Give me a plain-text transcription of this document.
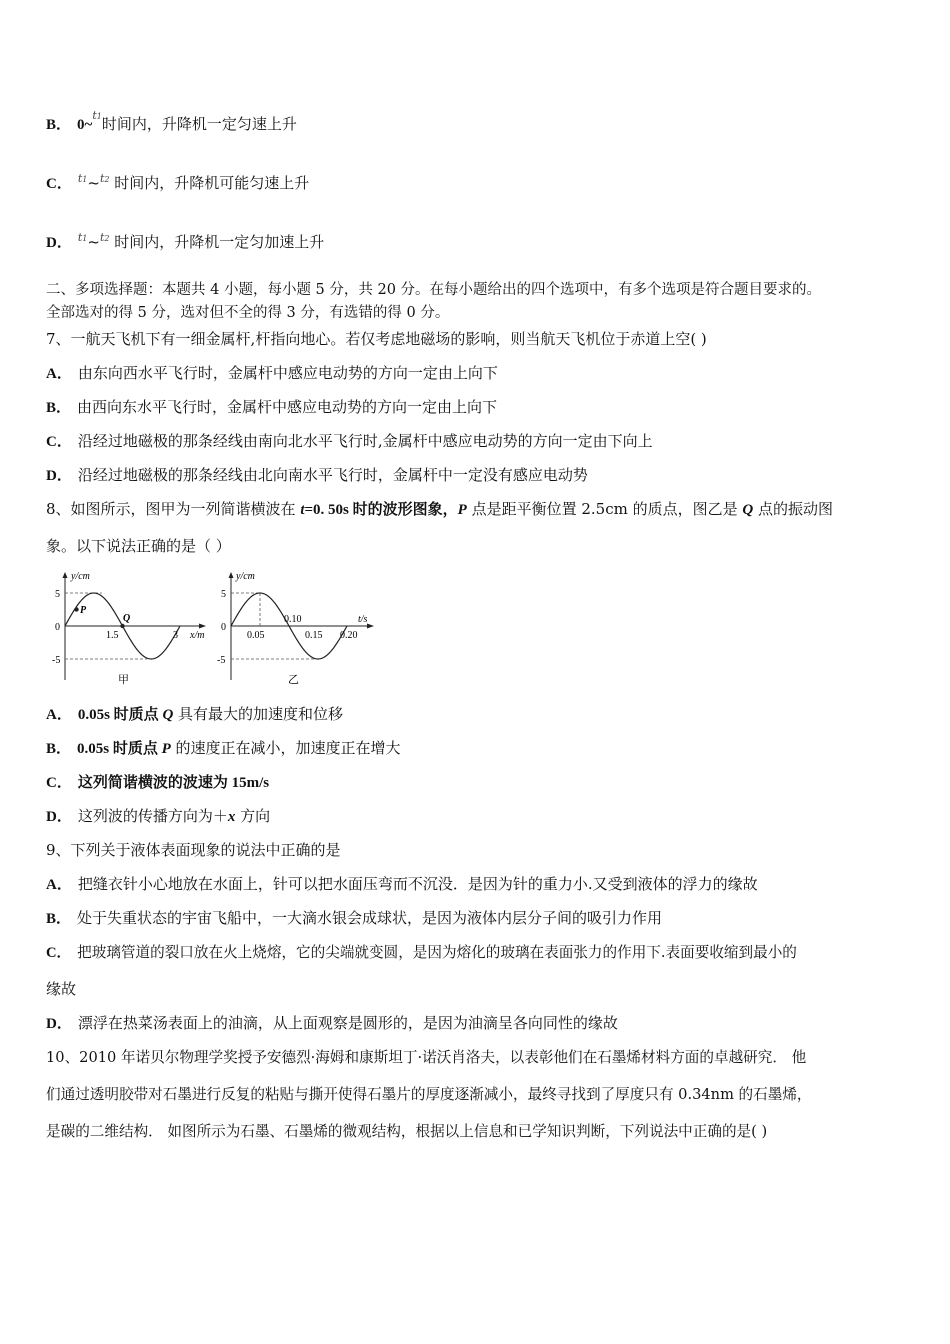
B． 0~$^{t1}$时间内，升降机一定匀速上升
C． $^{t1}$~$^{t2}$ 时间内，升降机可能匀速上升
D． $^{t1}$~$^{t2}$ 时间内，升降机一定匀加速上升
二、多项选择题：本题共 4 小题，每小题 5 分，共 20 分。在每小题给出的四个选项中，有多个选项是符合题目要求的。
全部选对的得 5 分，选对但不全的得 3 分，有选错的得 0 分。
7、一航天飞机下有一细金属杆,杆指向地心。若仅考虑地磁场的影响，则当航天飞机位于赤道上空( )
A． 由东向西水平飞行时，金属杆中感应电动势的方向一定由上向下
B． 由西向东水平飞行时，金属杆中感应电动势的方向一定由上向下
C． 沿经过地磁极的那条经线由南向北水平飞行时,金属杆中感应电动势的方向一定由下向上
D． 沿经过地磁极的那条经线由北向南水平飞行时，金属杆中一定没有感应电动势
8、如图所示，图甲为一列简谐横波在 t=0. 50s 时的波形图象，P 点是距平衡位置 2.5cm 的质点，图乙是 Q 点的振动图
象。以下说法正确的是（ ）
y/cm
5
0
-5
1.5	3 x/m
P
Q
甲
y/cm
5
0
-5
0.05
0.10
0.15 0.20
t/s
乙
A． 0.05s 时质点 Q 具有最大的加速度和位移
B． 0.05s 时质点 P 的速度正在减小，加速度正在增大
C． 这列简谐横波的波速为 15m/s
D． 这列波的传播方向为＋x 方向
9、下列关于液体表面现象的说法中正确的是
A． 把缝衣针小心地放在水面上，针可以把水面压弯而不沉没．是因为针的重力小.又受到液体的浮力的缘故
B． 处于失重状态的宇宙飞船中，一大滴水银会成球状，是因为液体内层分子间的吸引力作用
C． 把玻璃管道的裂口放在火上烧熔，它的尖端就变圆，是因为熔化的玻璃在表面张力的作用下.表面要收缩到最小的
缘故
D． 漂浮在热菜汤表面上的油滴，从上面观察是圆形的，是因为油滴呈各向同性的缘故
10、2010 年诺贝尔物理学奖授予安德烈·海姆和康斯坦丁·诺沃肖洛夫，以表彰他们在石墨烯材料方面的卓越研究． 他
们通过透明胶带对石墨进行反复的粘贴与撕开使得石墨片的厚度逐渐减小，最终寻找到了厚度只有 0.34nm 的石墨烯，
是碳的二维结构． 如图所示为石墨、石墨烯的微观结构，根据以上信息和已学知识判断，下列说法中正确的是( )
